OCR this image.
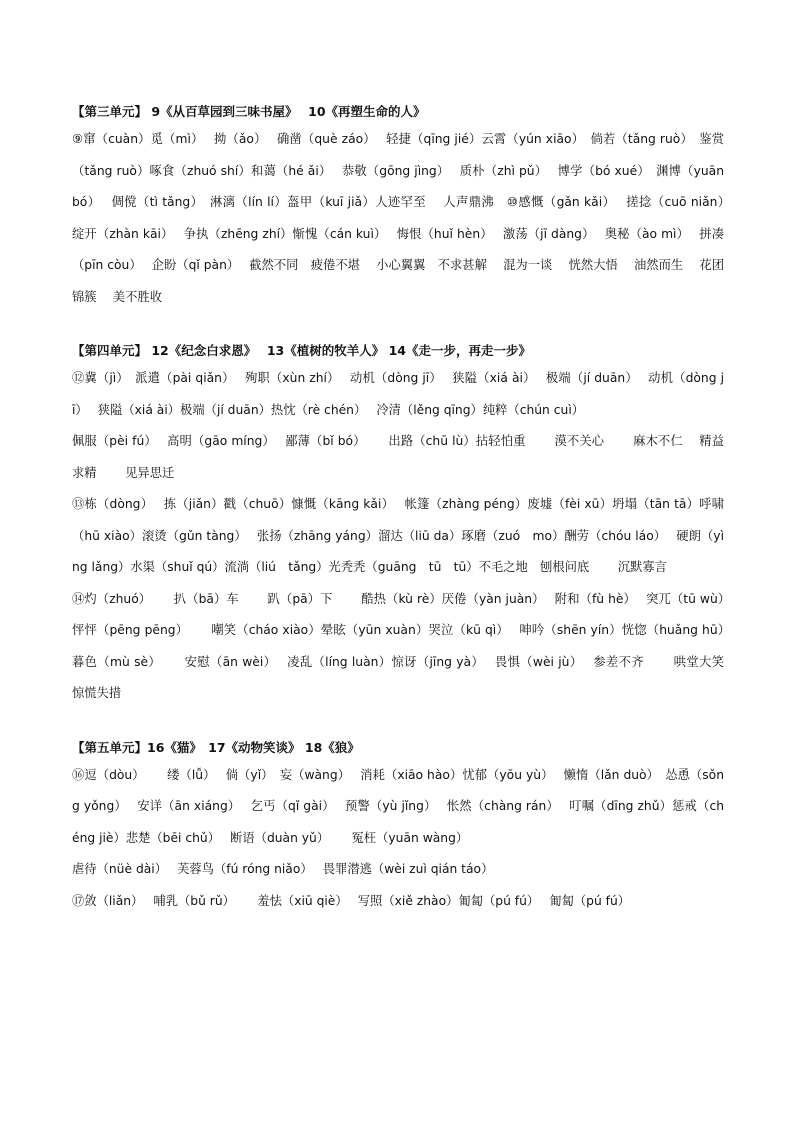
【第三单元】 9《从百草园到三味书屋》　 10《再塑生命的人》
⑨窜（cuàn）觅（mì）　 拗（ǎo）　 确凿（què záo）　 轻捷（qīng jié）云霄（yún xiāo）　倘若（tǎng ruò）　鉴赏（tǎng ruò）啄食（zhuó shí）和蔼（hé ǎi）　 恭敬（gōng jìng）　 质朴（zhì pǔ）　 博学（bó xué）　渊博（yuān bó）　 倜傥（tì tǎng）　淋漓（lín lí）盔甲（kuī jiǎ）人迹罕至　 人声鼎沸　⑩感慨（gǎn kǎi）　 搓捻（cuō niǎn）　 绽开（zhàn kāi）　 争执（zhēng zhí）惭愧（cán kuì）　 悔恨（huǐ hèn）　 激荡（jī dàng）　 奥秘（ào mì）　 拼凑（pīn còu）　 企盼（qǐ pàn）　 截然不同　疲倦不堪　 小心翼翼　不求甚解　 混为一谈　 恍然大悟　 油然而生　 花团锦簇　 美不胜收
【第四单元】 12《纪念白求恩》　 13《植树的牧羊人》 14《走一步，再走一步》
⑫冀（jì）　派遣（pài qiǎn）　 殉职（xùn zhí）　 动机（dòng jī）　 狭隘（xiá ài）　 极端（jí duān）　 动机（dòng jī）　 狭隘（xiá ài）极端（jí duān）热忱（rè chén）　 冷清（lěng qīng）纯粹（chún cuì）
佩服（pèi fú）　 高明（gāo míng）　 鄙薄（bǐ bó）　　 出路（chū lù）拈轻怕重　　 漠不关心　　 麻木不仁　 精益求精　　 见异思迁
⑬栋（dòng）　 拣（jiǎn）戳（chuō）慷慨（kāng kǎi）　 帐篷（zhàng péng）废墟（fèi xū）坍塌（tān tā）呼啸（hū xiào）滚烫（gǔn tàng）　 张扬（zhāng yáng）溜达（liū da）琢磨（zuó　mo）酬劳（chóu láo）　 硬朗（yìng lǎng）水渠（shuǐ qú）流淌（liú　tǎng）光秃秃（guāng　tū　tū）不毛之地　刨根问底　　 沉默寡言
⑭灼（zhuó）　　 扒（bā）车　　 趴（pā）下　　 酷热（kù rè）厌倦（yàn juàn）　 附和（fù hè）　 突兀（tū wù）　 怦怦（pēng pēng）　　 嘲笑（cháo xiào）晕眩（yūn xuàn）哭泣（kū qì）　 呻吟（shēn yín）恍惚（huǎng hū）　 暮色（mù sè）　　 安慰（ān wèi）　 凌乱（líng luàn）惊讶（jīng yà）　 畏惧（wèi jù）　 参差不齐　　 哄堂大笑　 惊慌失措
【第五单元】16《猫》　17《动物笑谈》 18《狼》
⑯逗（dòu）　　 缕（lǚ）　 倘（yǐ）　妄（wàng）　 消耗（xiāo hào）忧郁（yōu yù）　 懒惰（lǎn duò）　怂恿（sǒng yǒng）　 安详（ān xiáng）　 乞丐（qǐ gài）　 预警（yù jǐng）　 怅然（chàng rán）　 叮嘱（dīng zhǔ）惩戒（chéng jiè）悲楚（bēi chǔ）　 断语（duàn yǔ）　　 冤枉（yuān wàng）
虐待（nüè dài）　 芙蓉鸟（fú róng niǎo）　 畏罪潜逃（wèi zuì qián táo）
⑰敛（liǎn）　 哺乳（bǔ rǔ）　　 羞怯（xiū qiè）　 写照（xiě zhào）匍匐（pú fú）　 匍匐（pú fú）
